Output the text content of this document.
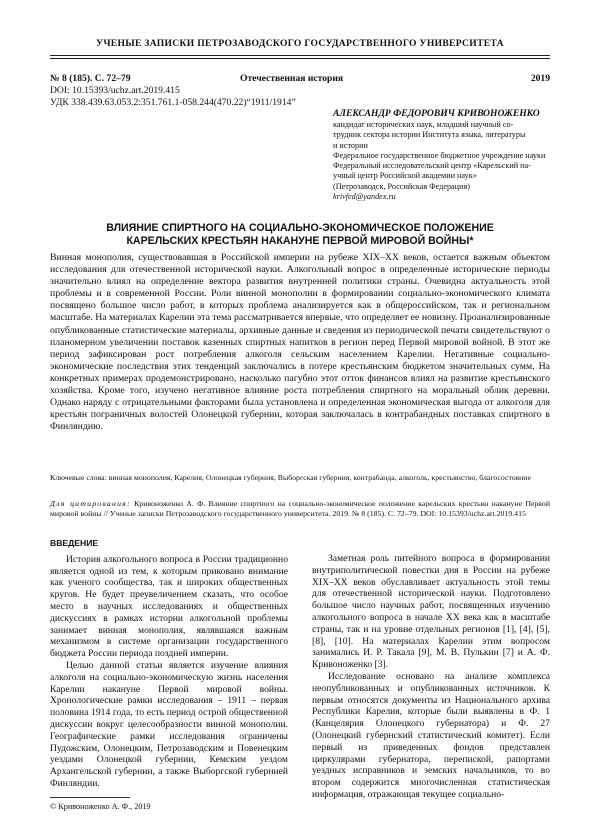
УЧЕНЫЕ ЗАПИСКИ ПЕТРОЗАВОДСКОГО ГОСУДАРСТВЕННОГО УНИВЕРСИТЕТА
№ 8 (185). С. 72–79	Отечественная история	2019
DOI: 10.15393/uchz.art.2019.415
УДК 338.439.63.053.2:351.761.1-058.244(470.22)“1911/1914”
АЛЕКСАНДР ФЕДОРОВИЧ КРИВОНОЖЕНКО
кандидат исторических наук, младший научный со-
трудник сектора истории Института языка, литературы
и истории
Федеральное государственное бюджетное учреждение науки
Федеральный исследовательский центр «Карельский на-
учный центр Российской академии наук»
(Петрозаводск, Российская Федерация)
krivfed@yandex.ru
ВЛИЯНИЕ СПИРТНОГО НА СОЦИАЛЬНО-ЭКОНОМИЧЕСКОЕ ПОЛОЖЕНИЕ
КАРЕЛЬСКИХ КРЕСТЬЯН НАКАНУНЕ ПЕРВОЙ МИРОВОЙ ВОЙНЫ*
Винная монополия, существовавшая в Российской империи на рубеже XIX–XX веков, остается важным объектом исследования для отечественной исторической науки. Алкогольный вопрос в определенные исторические периоды значительно влиял на определение вектора развития внутренней политики страны. Очевидна актуальность этой проблемы и в современной России. Роли винной монополии в формировании социально-экономического климата посвящено большое число работ, в которых проблема анализируется как в общероссийском, так и региональном масштабе. На материалах Карелии эта тема рассматривается впервые, что определяет ее новизну. Проанализированные опубликованные статистические материалы, архивные данные и сведения из периодической печати свидетельствуют о планомерном увеличении поставок казенных спиртных напитков в регион перед Первой мировой войной. В этот же период зафиксирован рост потребления алкоголя сельским населением Карелии. Негативные социально-экономические последствия этих тенденций заключались в потере крестьянским бюджетом значительных сумм. На конкретных примерах продемонстрировано, насколько пагубно этот отток финансов влиял на развитие крестьянского хозяйства. Кроме того, изучено негативное влияние роста потребления спиртного на моральный облик деревни. Однако наряду с отрицательными факторами была установлена и определенная экономическая выгода от алкоголя для крестьян пограничных волостей Олонецкой губернии, которая заключалась в контрабандных поставках спиртного в Финляндию.
Ключевые слова: винная монополия, Карелия, Олонецкая губерния, Выборгская губерния, контрабанда, алкоголь, крестьянство, благосостояние
Для цитирования: Кривоноженко А. Ф. Влияние спиртного на социально-экономическое положение карельских крестьян накануне Первой мировой войны // Ученые записки Петрозаводского государственного университета. 2019. № 8 (185). С. 72–79. DOI: 10.15393/uchz.art.2019.415
ВВЕДЕНИЕ

История алкогольного вопроса в России традиционно является одной из тем, к которым приковано внимание как ученого сообщества, так и широких общественных кругов. Не будет преувеличением сказать, что особое место в научных исследованиях и общественных дискуссиях в рамках истории алкогольной проблемы занимает винная монополия, являвшаяся важным механизмом в системе организации государственного бюджета России периода поздней империи.

Целью данной статьи является изучение влияния алкоголя на социально-экономическую жизнь населения Карелии накануне Первой мировой войны. Хронологические рамки исследования – 1911 – первая половина 1914 года, то есть период острой общественной дискуссии вокруг целесообразности винной монополии. Географические рамки исследования ограничены Пудожским, Олонецким, Петрозаводским и Повенецким уездами Олонецкой губернии, Кемским уездом Архангельской губернии, а также Выборгской губернией Финляндии.

Заметная роль питейного вопроса в формировании внутриполитической повестки дня в России на рубеже XIX–XX веков обуславливает актуальность этой темы для отечественной исторической науки. Подготовлено большое число научных работ, посвященных изучению алкогольного вопроса в начале XX века как в масштабе страны, так и на уровне отдельных регионов [1], [4], [5], [8], [10]. На материалах Карелии этим вопросом занимались И. Р. Такала [9], М. В. Пулькин [7] и А. Ф. Кривоноженко [3].

Исследование основано на анализе комплекса неопубликованных и опубликованных источников. К первым относятся документы из Национального архива Республики Карелия, которые были выявлены в Ф. 1 (Канцелярия Олонецкого губернатора) и Ф. 27 (Олонецкий губернский статистический комитет). Если первый из приведенных фондов представлен циркулярами губернатора, перепиской, рапортами уездных исправников и земских начальников, то во втором содержится многочисленная статистическая информация, отражающая текущее социально-

© Кривоноженко А. Ф., 2019
